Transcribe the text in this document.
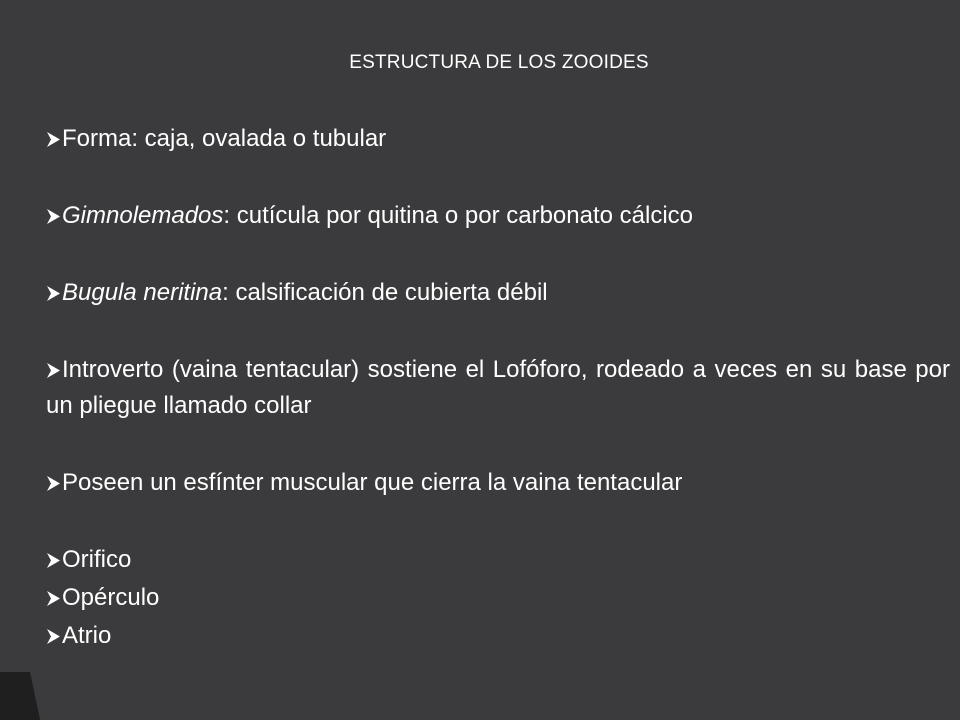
ESTRUCTURA DE LOS ZOOIDES
Forma: caja, ovalada o tubular
Gimnolemados: cutícula por quitina o por carbonato cálcico
Bugula neritina: calsificación de cubierta débil
Introverto (vaina tentacular) sostiene el Lofóforo, rodeado a veces en su base por un pliegue llamado collar
Poseen un esfínter muscular que cierra la vaina tentacular
Orifico
Opérculo
Atrio
